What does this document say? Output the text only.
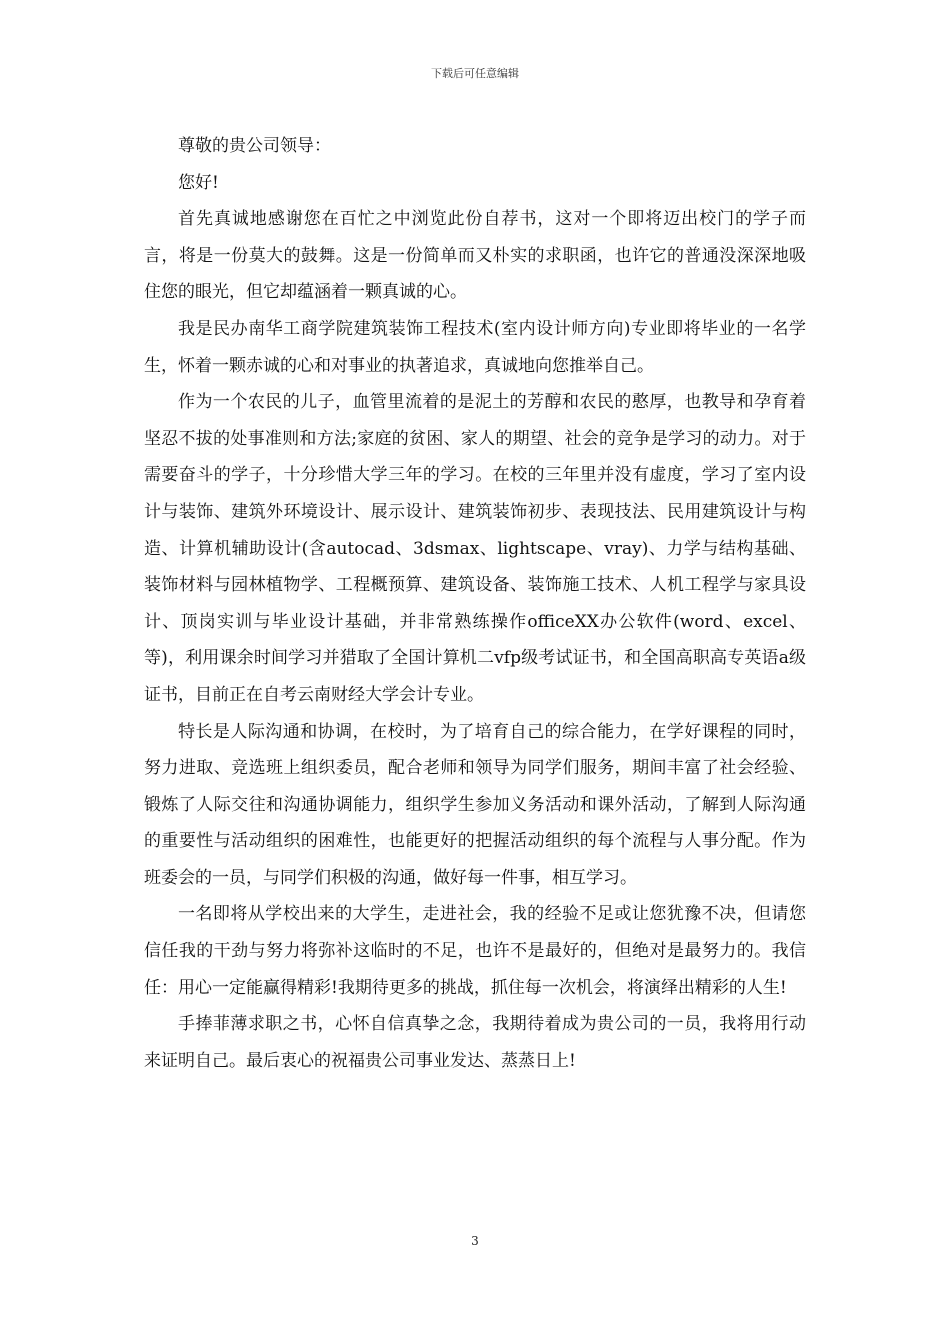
下载后可任意编辑

尊敬的贵公司领导：

您好!

首先真诚地感谢您在百忙之中浏览此份自荐书，这对一个即将迈出校门的学子而言，将是一份莫大的鼓舞。这是一份简单而又朴实的求职函，也许它的普通没深深地吸住您的眼光，但它却蕴涵着一颗真诚的心。

我是民办南华工商学院建筑装饰工程技术(室内设计师方向)专业即将毕业的一名学生，怀着一颗赤诚的心和对事业的执著追求，真诚地向您推举自己。

作为一个农民的儿子，血管里流着的是泥土的芳醇和农民的憨厚，也教导和孕育着坚忍不拔的处事准则和方法;家庭的贫困、家人的期望、社会的竞争是学习的动力。对于需要奋斗的学子，十分珍惜大学三年的学习。在校的三年里并没有虚度，学习了室内设计与装饰、建筑外环境设计、展示设计、建筑装饰初步、表现技法、民用建筑设计与构造、计算机辅助设计(含autocad、3dsmax、lightscape、vray)、力学与结构基础、装饰材料与园林植物学、工程概预算、建筑设备、装饰施工技术、人机工程学与家具设计、顶岗实训与毕业设计基础，并非常熟练操作officeXX办公软件(word、excel、等)，利用课余时间学习并猎取了全国计算机二vfp级考试证书，和全国高职高专英语a级证书，目前正在自考云南财经大学会计专业。

特长是人际沟通和协调，在校时，为了培育自己的综合能力，在学好课程的同时，努力进取、竞选班上组织委员，配合老师和领导为同学们服务，期间丰富了社会经验、锻炼了人际交往和沟通协调能力，组织学生参加义务活动和课外活动，了解到人际沟通的重要性与活动组织的困难性，也能更好的把握活动组织的每个流程与人事分配。作为班委会的一员，与同学们积极的沟通，做好每一件事，相互学习。

一名即将从学校出来的大学生，走进社会，我的经验不足或让您犹豫不决，但请您信任我的干劲与努力将弥补这临时的不足，也许不是最好的，但绝对是最努力的。我信任：用心一定能赢得精彩!我期待更多的挑战，抓住每一次机会，将演绎出精彩的人生!

手捧菲薄求职之书，心怀自信真挚之念，我期待着成为贵公司的一员，我将用行动来证明自己。最后衷心的祝福贵公司事业发达、蒸蒸日上!

3
